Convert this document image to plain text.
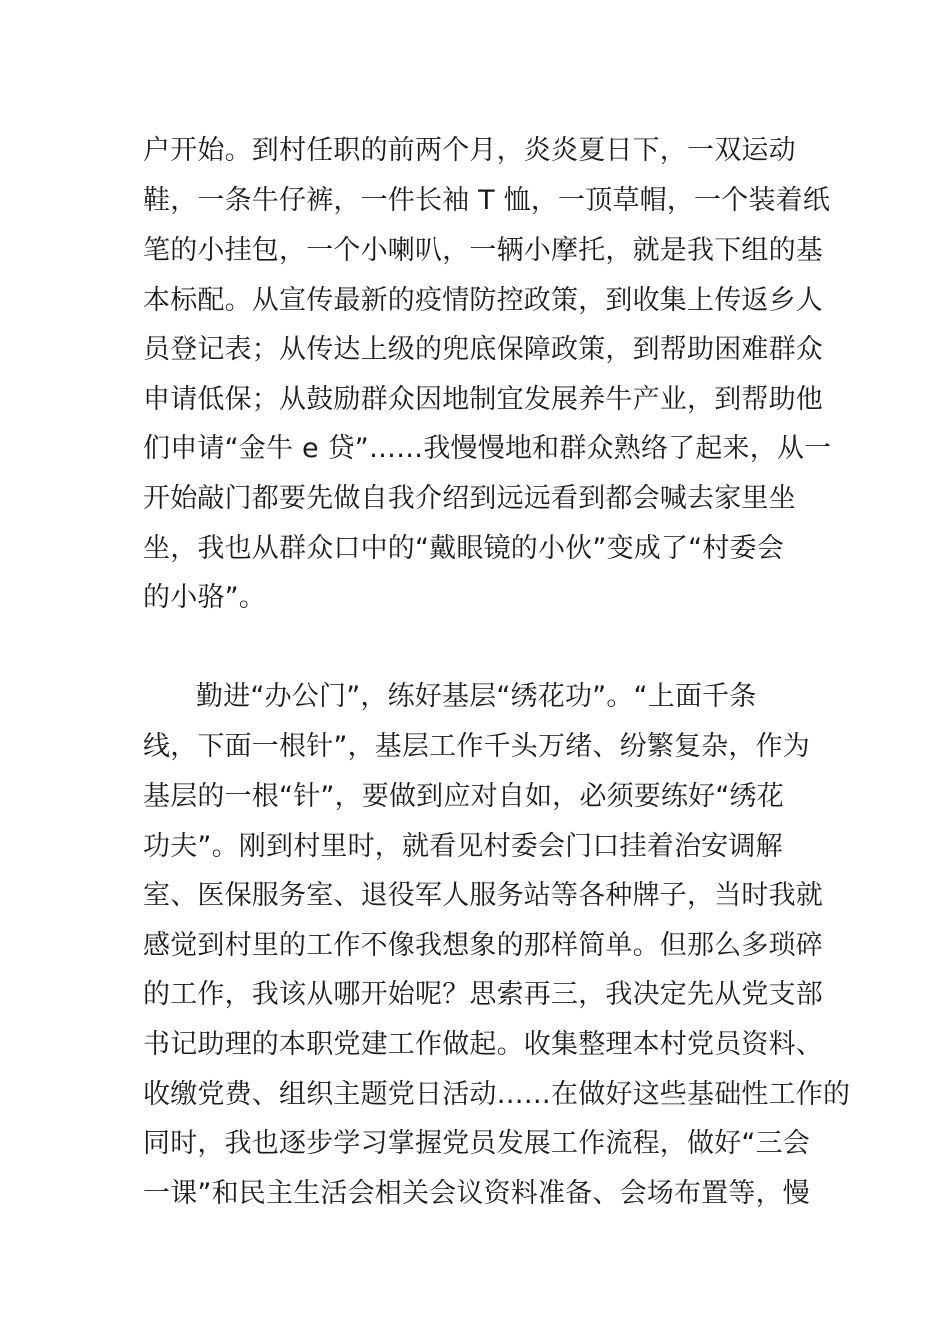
户开始。到村任职的前两个月，炎炎夏日下，一双运动
鞋，一条牛仔裤，一件长袖 T 恤，一顶草帽，一个装着纸
笔的小挂包，一个小喇叭，一辆小摩托，就是我下组的基
本标配。从宣传最新的疫情防控政策，到收集上传返乡人
员登记表；从传达上级的兜底保障政策，到帮助困难群众
申请低保；从鼓励群众因地制宜发展养牛产业，到帮助他
们申请“金牛 e 贷”……我慢慢地和群众熟络了起来，从一
开始敲门都要先做自我介绍到远远看到都会喊去家里坐
坐，我也从群众口中的“戴眼镜的小伙”变成了“村委会
的小骆”。
勤进“办公门”，练好基层“绣花功”。“上面千条
线，下面一根针”，基层工作千头万绪、纷繁复杂，作为
基层的一根“针”，要做到应对自如，必须要练好“绣花
功夫”。刚到村里时，就看见村委会门口挂着治安调解
室、医保服务室、退役军人服务站等各种牌子，当时我就
感觉到村里的工作不像我想象的那样简单。但那么多琐碎
的工作，我该从哪开始呢？思索再三，我决定先从党支部
书记助理的本职党建工作做起。收集整理本村党员资料、
收缴党费、组织主题党日活动……在做好这些基础性工作的
同时，我也逐步学习掌握党员发展工作流程，做好“三会
一课”和民主生活会相关会议资料准备、会场布置等，慢
